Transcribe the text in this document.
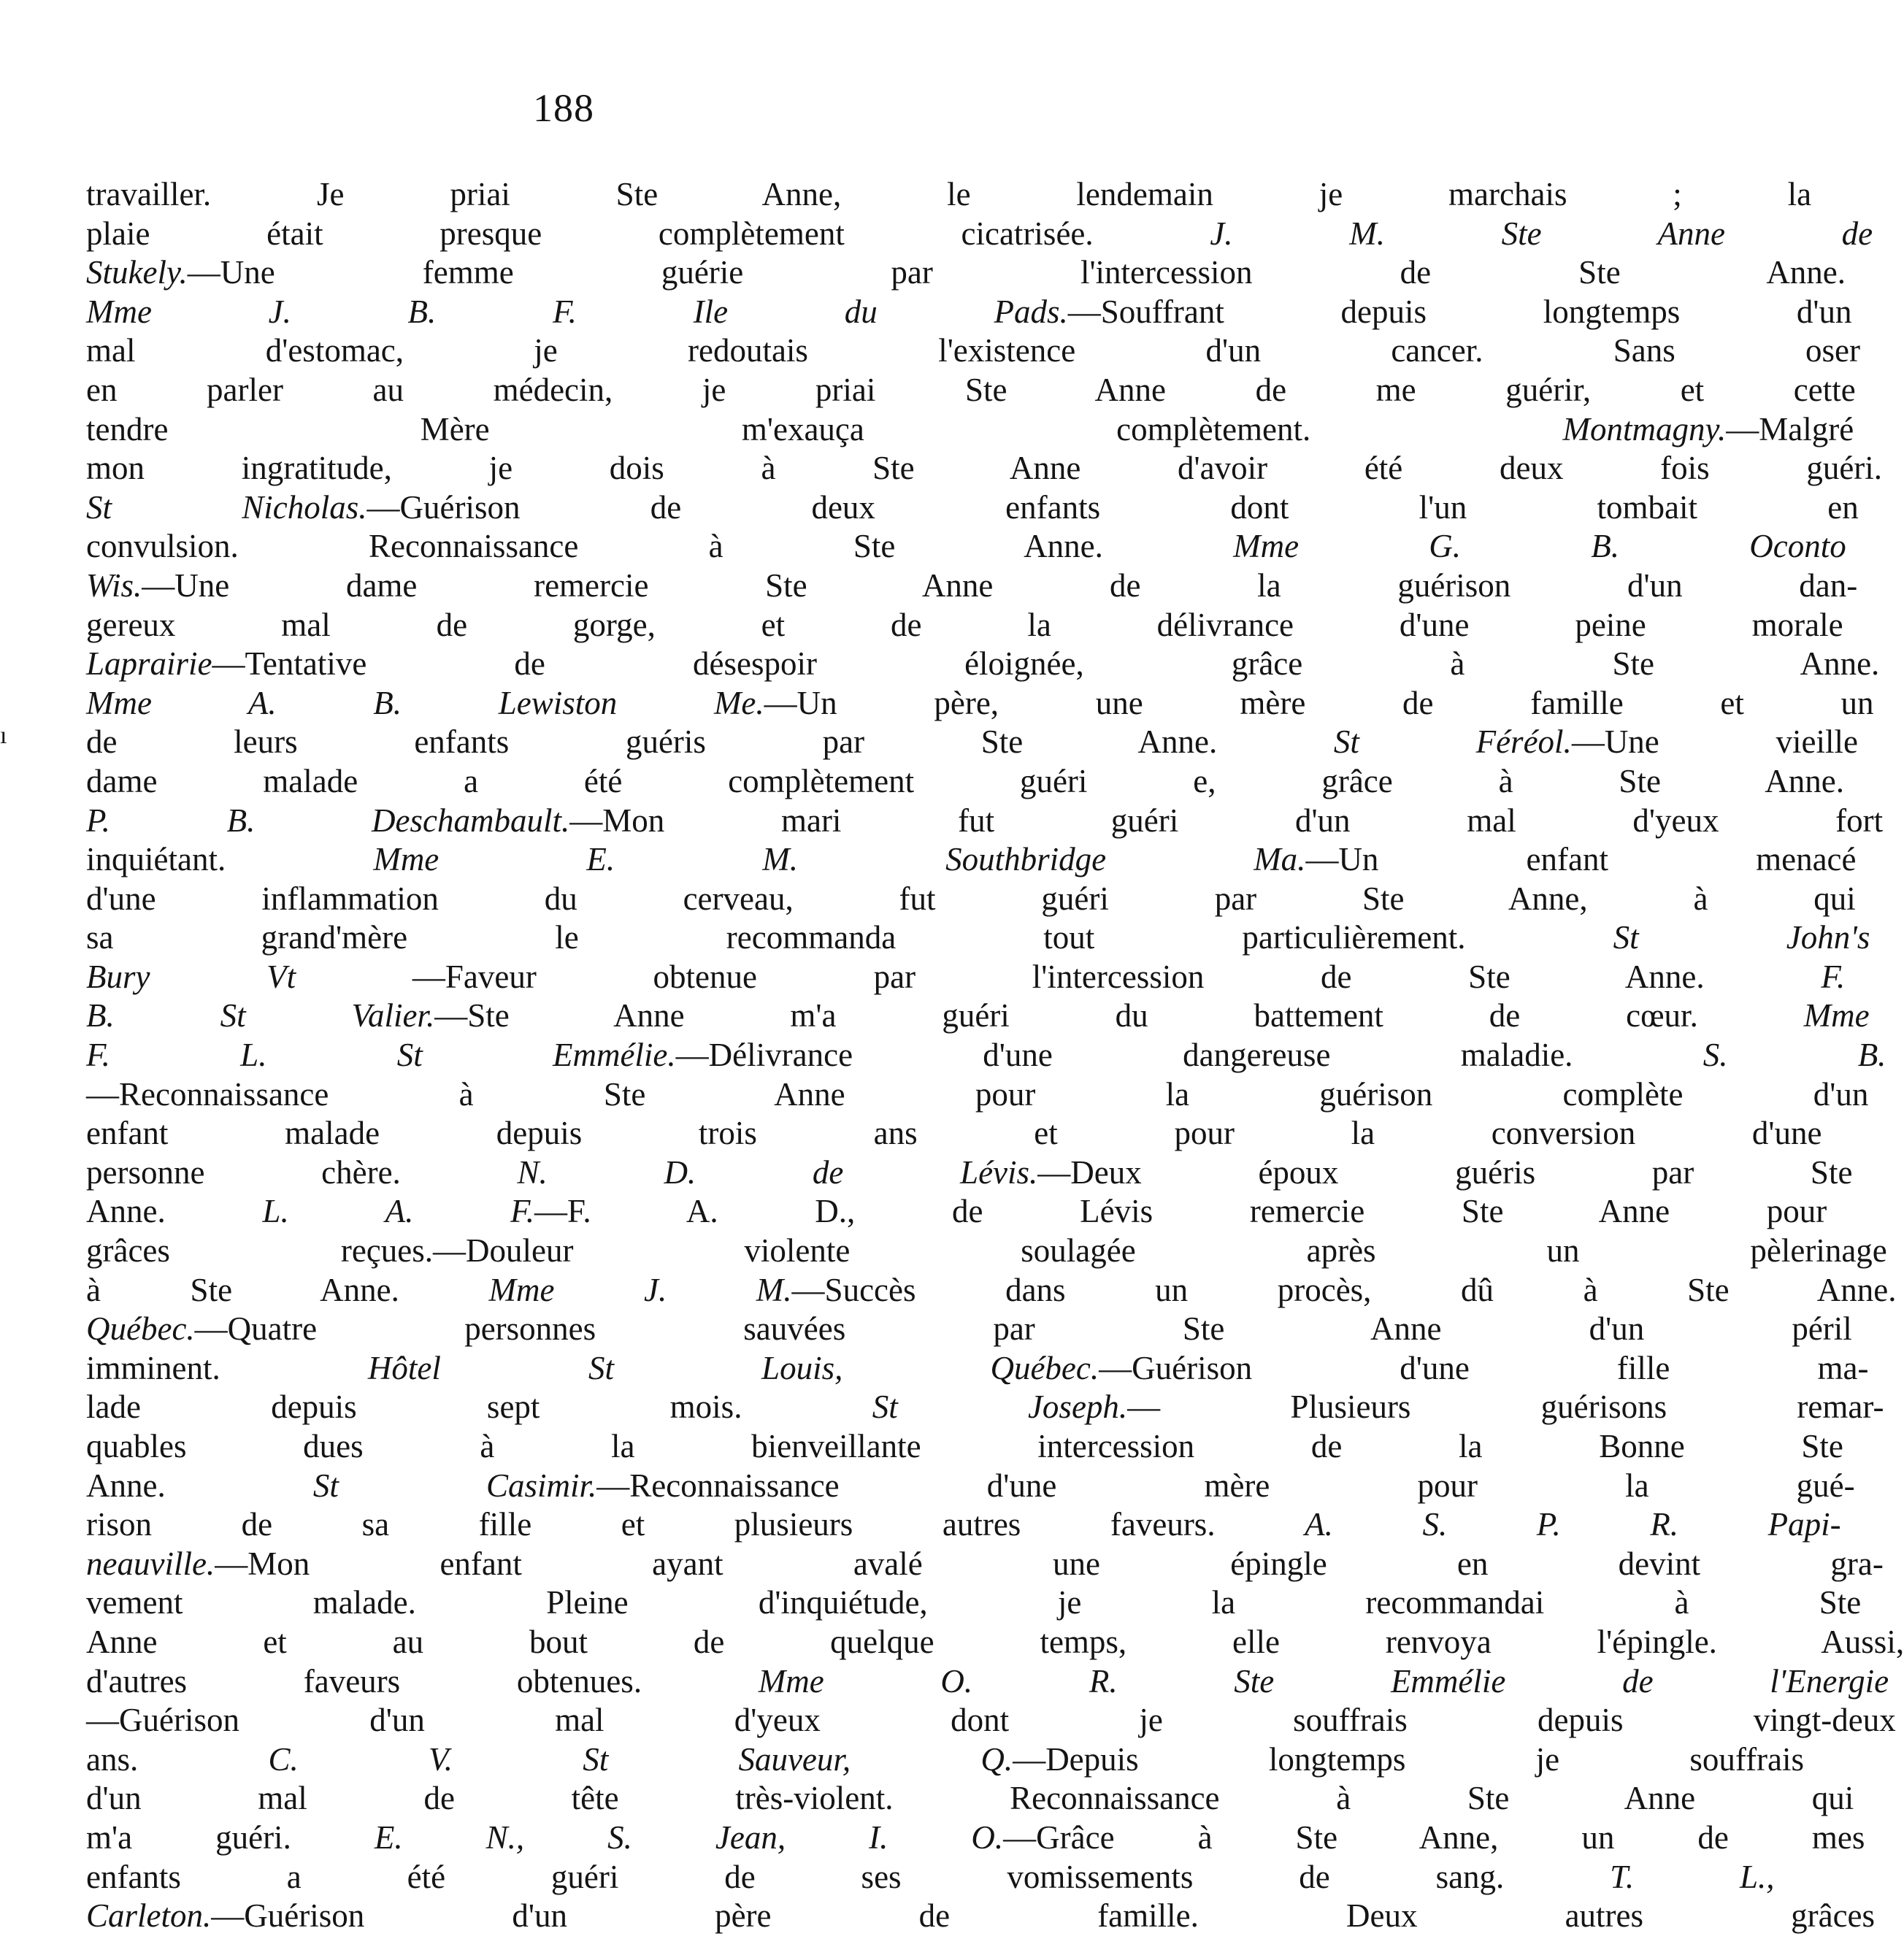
188
ı
travailler. Je priai Ste Anne, le lendemain je marchais ; la
plaie était presque complètement cicatrisée. J. M. Ste Anne de
Stukely.—Une femme guérie par l'intercession de Ste Anne.
Mme J. B. F. Ile du Pads.—Souffrant depuis longtemps d'un
mal d'estomac, je redoutais l'existence d'un cancer. Sans oser
en parler au médecin, je priai Ste Anne de me guérir, et cette
tendre Mère m'exauça complètement. Montmagny.—Malgré
mon ingratitude, je dois à Ste Anne d'avoir été deux fois guéri.
St Nicholas.—Guérison de deux enfants dont l'un tombait en
convulsion. Reconnaissance à Ste Anne. Mme G. B. Oconto
Wis.—Une dame remercie Ste Anne de la guérison d'un dan-
gereux mal de gorge, et de la délivrance d'une peine morale
Laprairie—Tentative de désespoir éloignée, grâce à Ste Anne.
Mme A. B. Lewiston Me.—Un père, une mère de famille et un
de leurs enfants guéris par Ste Anne. St Féréol.—Une vieille
dame malade a été complètement guéri e, grâce à Ste Anne.
P. B. Deschambault.—Mon mari fut guéri d'un mal d'yeux fort
inquiétant. Mme E. M. Southbridge Ma.—Un enfant menacé
d'une inflammation du cerveau, fut guéri par Ste Anne, à qui
sa grand'mère le recommanda tout particulièrement. St John's
Bury Vt —Faveur obtenue par l'intercession de Ste Anne. F.
B. St Valier.—Ste Anne m'a guéri du battement de cœur. Mme
F. L. St Emmélie.—Délivrance d'une dangereuse maladie. S. B.
—Reconnaissance à Ste Anne pour la guérison complète d'un
enfant malade depuis trois ans et pour la conversion d'une
personne chère. N. D. de Lévis.—Deux époux guéris par Ste
Anne. L. A. F.—F. A. D., de Lévis remercie Ste Anne pour
grâces reçues.—Douleur violente soulagée après un pèlerinage
à Ste Anne. Mme J. M.—Succès dans un procès, dû à Ste Anne.
Québec.—Quatre personnes sauvées par Ste Anne d'un péril
imminent. Hôtel St Louis, Québec.—Guérison d'une fille ma-
lade depuis sept mois. St Joseph.— Plusieurs guérisons remar-
quables dues à la bienveillante intercession de la Bonne Ste
Anne. St Casimir.—Reconnaissance d'une mère pour la gué-
rison de sa fille et plusieurs autres faveurs. A. S. P. R. Papi-
neauville.—Mon enfant ayant avalé une épingle en devint gra-
vement malade. Pleine d'inquiétude, je la recommandai à Ste
Anne et au bout de quelque temps, elle renvoya l'épingle. Aussi,
d'autres faveurs obtenues. Mme O. R. Ste Emmélie de l'Energie
—Guérison d'un mal d'yeux dont je souffrais depuis vingt-deux
ans. C. V. St Sauveur, Q.—Depuis longtemps je souffrais
d'un mal de tête très-violent. Reconnaissance à Ste Anne qui
m'a guéri. E. N., S. Jean, I. O.—Grâce à Ste Anne, un de mes
enfants a été guéri de ses vomissements de sang. T. L.,
Carleton.—Guérison d'un père de famille. Deux autres grâces
